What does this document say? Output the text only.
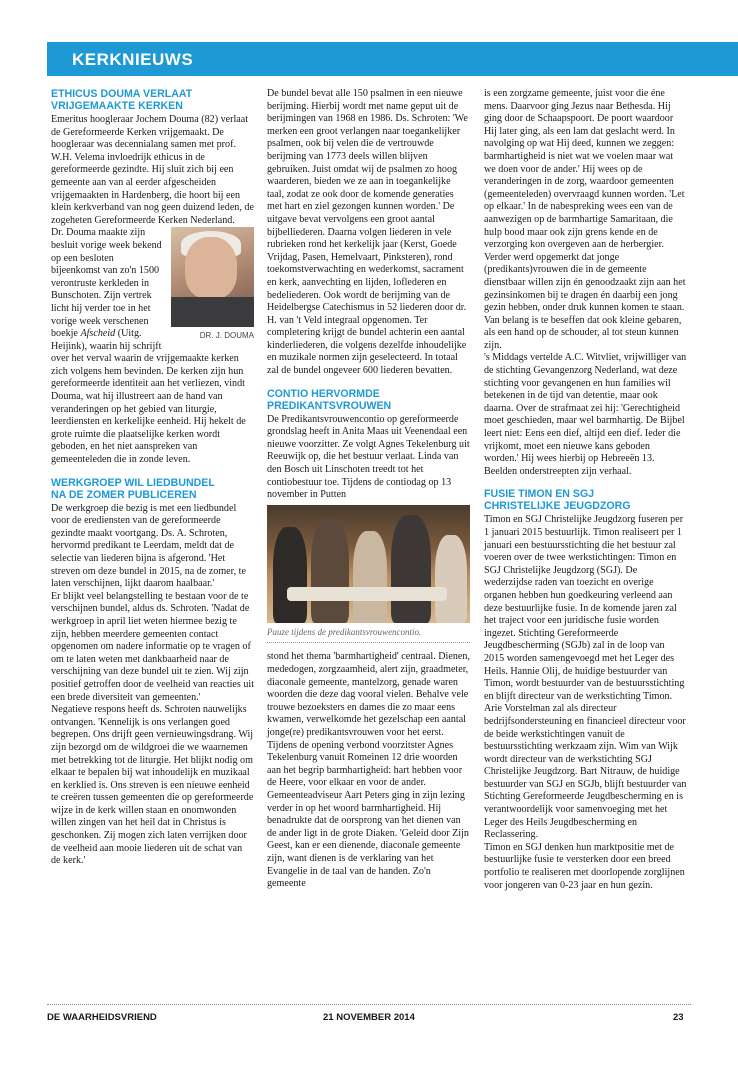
KERKNIEUWS
ETHICUS DOUMA VERLAAT
VRIJGEMAAKTE KERKEN

Emeritus hoogleraar Jochem Douma (82) verlaat de Gereformeerde Kerken vrijgemaakt. De hoogleraar was decennialang samen met prof. W.H. Velema invloedrijk ethicus in de gereformeerde gezindte. Hij sluit zich bij een gemeente aan van al eerder afgescheiden vrijgemaakten in Hardenberg, die hoort bij een klein kerkverband van nog geen duizend leden, de zogeheten Gereformeerde Kerken Nederland.

DR. J. DOUMA
Dr. Douma maakte zijn besluit vorige week bekend op een besloten bijeenkomst van zo'n 1500 verontruste kerkleden in Bunschoten. Zijn vertrek licht hij verder toe in het vorige week verschenen boekje Afscheid (Uitg. Heijink), waarin hij schrijft over het verval waarin de vrijgemaakte kerken zich volgens hem bevinden. De kerken zijn hun gereformeerde identiteit aan het verliezen, vindt Douma, wat hij illustreert aan de hand van veranderingen op het gebied van liturgie, leerdiensten en kerkelijke eenheid. Hij hekelt de grote ruimte die plaatselijke kerken wordt geboden, en het niet aanspreken van gemeenteleden die in zonde leven.

WERKGROEP WIL LIEDBUNDEL
NA DE ZOMER PUBLICEREN

De werkgroep die bezig is met een liedbundel voor de erediensten van de gereformeerde gezindte maakt voortgang. Ds. A. Schroten, hervormd predikant te Leerdam, meldt dat de selectie van liederen bijna is afgerond. 'Het streven om deze bundel in 2015, na de zomer, te laten verschijnen, lijkt daarom haalbaar.'

Er blijkt veel belangstelling te bestaan voor de te verschijnen bundel, aldus ds. Schroten. 'Nadat de werkgroep in april liet weten hiermee bezig te zijn, hebben meerdere gemeenten contact opgenomen om nadere informatie op te vragen of om te laten weten met dankbaarheid naar de verschijning van deze bundel uit te zien. Wij zijn positief getroffen door de veelheid van reacties uit een brede diversiteit van gemeenten.'

Negatieve respons heeft ds. Schroten nauwelijks ontvangen. 'Kennelijk is ons verlangen goed begrepen. Ons drijft geen vernieuwingsdrang. Wij zijn bezorgd om de wildgroei die we waarnemen met betrekking tot de liturgie. Het blijkt nodig om elkaar te bepalen bij wat inhoudelijk en muzikaal en kerklied is. Ons streven is een nieuwe eenheid te creëren tussen gemeenten die op gereformeerde wijze in de kerk willen staan en onomwonden willen zingen van het heil dat in Christus is geschonken. Zij mogen zich laten verrijken door de veelheid aan mooie liederen uit de schat van de kerk.'

De bundel bevat alle 150 psalmen in een nieuwe berijming. Hierbij wordt met name geput uit de berijmingen van 1968 en 1986. Ds. Schroten: 'We merken een groot verlangen naar toegankelijker psalmen, ook bij velen die de vertrouwde berijming van 1773 deels willen blijven gebruiken. Juist omdat wij de psalmen zo hoog waarderen, bieden we ze aan in toegankelijke taal, zodat ze ook door de komende generaties met hart en ziel gezongen kunnen worden.' De uitgave bevat vervolgens een groot aantal bijbelliederen. Daarna volgen liederen in vele rubrieken rond het kerkelijk jaar (Kerst, Goede Vrijdag, Pasen, Hemelvaart, Pinksteren), rond toekomstverwachting en wederkomst, sacrament en kerk, aanvechting en lijden, loflederen en bedeliederen. Ook wordt de berijming van de Heidelbergse Catechismus in 52 liederen door dr. H. van 't Veld integraal opgenomen. Ter completering krijgt de bundel achterin een aantal kinderliederen, die volgens dezelfde inhoudelijke en muzikale normen zijn geselecteerd. In totaal zal de bundel ongeveer 600 liederen bevatten.

CONTIO HERVORMDE
PREDIKANTSVROUWEN

De Predikantsvrouwencontio op gereformeerde grondslag heeft in Anita Maas uit Veenendaal een nieuwe voorzitter. Ze volgt Agnes Tekelenburg uit Reeuwijk op, die het bestuur verlaat. Linda van den Bosch uit Linschoten treedt tot het contiobestuur toe. Tijdens de contiodag op 13 november in Putten

Pauze tijdens de predikantsvrouwencontio.

stond het thema 'barmhartigheid' centraal. Dienen, mededogen, zorgzaamheid, alert zijn, graadmeter, diaconale gemeente, mantelzorg, genade waren woorden die deze dag vooral vielen. Behalve vele trouwe bezoeksters en dames die zo maar eens kwamen, verwelkomde het gezelschap een aantal jonge(re) predikantsvrouwen voor het eerst. Tijdens de opening verbond voorzitster Agnes Tekelenburg vanuit Romeinen 12 drie woorden aan het begrip barmhartigheid: hart hebben voor de Heere, voor elkaar en voor de ander. Gemeenteadviseur Aart Peters ging in zijn lezing verder in op het woord barmhartigheid. Hij benadrukte dat de oorsprong van het dienen van de ander ligt in de grote Diaken. 'Geleid door Zijn Geest, kan er een dienende, diaconale gemeente zijn, want dienen is de verklaring van het Evangelie in de taal van de handen. Zo'n gemeente

is een zorgzame gemeente, juist voor die éne mens. Daarvoor ging Jezus naar Bethesda. Hij ging door de Schaapspoort. De poort waardoor Hij later ging, als een lam dat geslacht werd. In navolging op wat Hij deed, kunnen we zeggen: barmhartigheid is niet wat we voelen maar wat we doen voor de ander.' Hij wees op de veranderingen in de zorg, waardoor gemeenten (gemeenteleden) overvraagd kunnen worden. 'Let op elkaar.' In de nabespreking wees een van de aanwezigen op de barmhartige Samaritaan, die hulp bood maar ook zijn grens kende en de verzorging kon overgeven aan de herbergier. Verder werd opgemerkt dat jonge (predikants)vrouwen die in de gemeente dienstbaar willen zijn én genoodzaakt zijn aan het gezinsinkomen bij te dragen én daarbij een jong gezin hebben, onder druk kunnen komen te staan. Van belang is te beseffen dat ook kleine gebaren, als een hand op de schouder, al tot steun kunnen zijn.

's Middags vertelde A.C. Witvliet, vrijwilliger van de stichting Gevangenzorg Nederland, wat deze stichting voor gevangenen en hun families wil betekenen in de tijd van detentie, maar ook daarna. Over de strafmaat zei hij: 'Gerechtigheid moet geschieden, maar wel barmhartig. De Bijbel leert niet: Eens een dief, altijd een dief. Ieder die vrijkomt, moet een nieuwe kans geboden worden.' Hij wees hierbij op Hebreeën 13. Beelden onderstreepten zijn verhaal.

FUSIE TIMON EN SGJ
CHRISTELIJKE JEUGDZORG

Timon en SGJ Christelijke Jeugdzorg fuseren per 1 januari 2015 bestuurlijk. Timon realiseert per 1 januari een bestuursstichting die het bestuur zal voeren over de twee werkstichtingen: Timon en SGJ Christelijke Jeugdzorg (SGJ). De wederzijdse raden van toezicht en overige organen hebben hun goedkeuring verleend aan deze bestuurlijke fusie. In de komende jaren zal het traject voor een juridische fusie worden ingezet. Stichting Gereformeerde Jeugdbescherming (SGJb) zal in de loop van 2015 worden samengevoegd met het Leger des Heils. Hannie Olij, de huidige bestuurder van Timon, wordt bestuurder van de bestuursstichting en blijft directeur van de werkstichting Timon. Arie Vorstelman zal als directeur bedrijfsondersteuning en financieel directeur voor de beide werkstichtingen vanuit de bestuursstichting werkzaam zijn. Wim van Wijk wordt directeur van de werkstichting SGJ Christelijke Jeugdzorg. Bart Nitrauw, de huidige bestuurder van SGJ en SGJb, blijft bestuurder van Stichting Gereformeerde Jeugdbescherming en is verantwoordelijk voor samenvoeging met het Leger des Heils Jeugdbescherming en Reclassering.

Timon en SGJ denken hun marktpositie met de bestuurlijke fusie te versterken door een breed portfolio te realiseren met doorlopende zorglijnen voor jongeren van 0-23 jaar en hun gezin.

DE WAARHEIDSVRIEND	21 NOVEMBER 2014	23
